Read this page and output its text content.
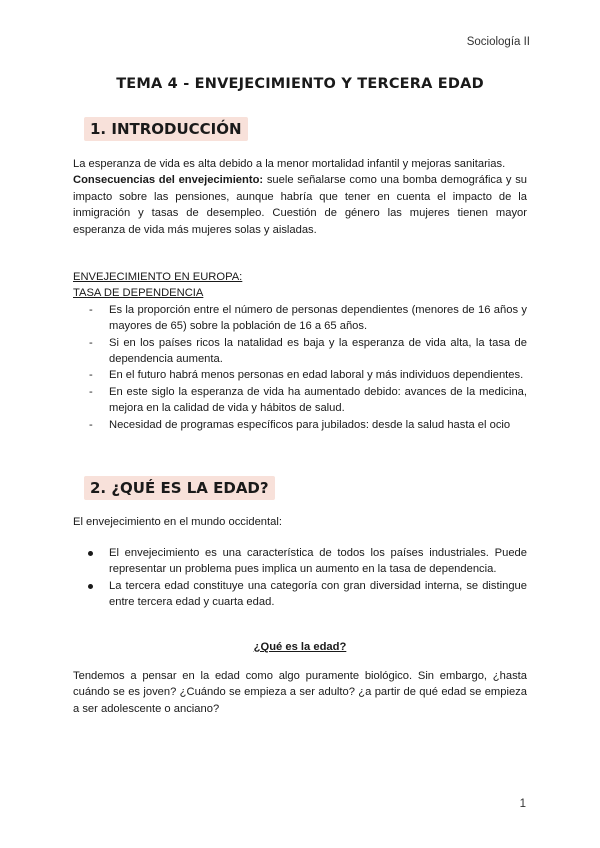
Sociología II
TEMA 4 - ENVEJECIMIENTO Y TERCERA EDAD
1. INTRODUCCIÓN

La esperanza de vida es alta debido a la menor mortalidad infantil y mejoras sanitarias.

Consecuencias del envejecimiento: suele señalarse como una bomba demográfica y su impacto sobre las pensiones, aunque habría que tener en cuenta el impacto de la inmigración y tasas de desempleo. Cuestión de género las mujeres tienen mayor esperanza de vida más mujeres solas y aisladas.

ENVEJECIMIENTO EN EUROPA:

TASA DE DEPENDENCIA

- Es la proporción entre el número de personas dependientes (menores de 16 años y mayores de 65) sobre la población de 16 a 65 años.
- Si en los países ricos la natalidad es baja y la esperanza de vida alta, la tasa de dependencia aumenta.
- En el futuro habrá menos personas en edad laboral y más individuos dependientes.
- En este siglo la esperanza de vida ha aumentado debido: avances de la medicina, mejora en la calidad de vida y hábitos de salud.
- Necesidad de programas específicos para jubilados: desde la salud hasta el ocio
2. ¿QUÉ ES LA EDAD?

El envejecimiento en el mundo occidental:

El envejecimiento es una característica de todos los países industriales. Puede representar un problema pues implica un aumento en la tasa de dependencia.
La tercera edad constituye una categoría con gran diversidad interna, se distingue entre tercera edad y cuarta edad.

¿Qué es la edad?

Tendemos a pensar en la edad como algo puramente biológico. Sin embargo, ¿hasta cuándo se es joven? ¿Cuándo se empieza a ser adulto? ¿a partir de qué edad se empieza a ser adolescente o anciano?

1
